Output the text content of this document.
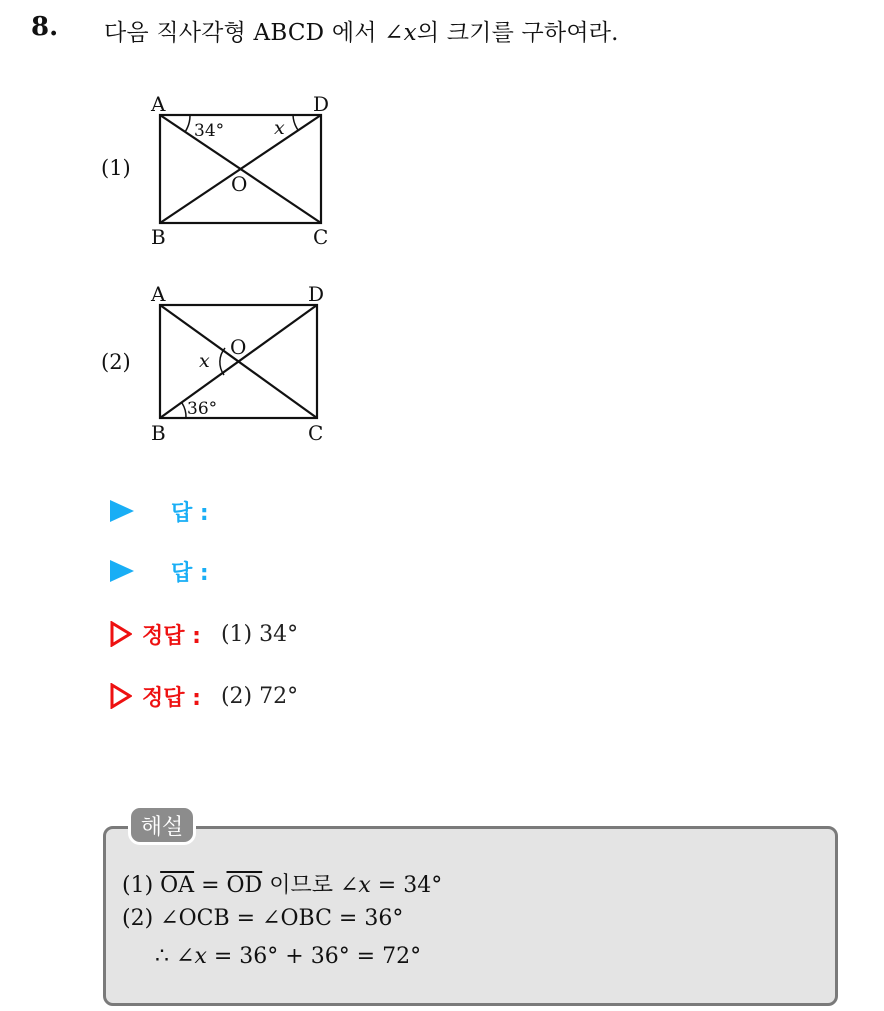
8. 다음 직사각형 ABCD 에서 ∠x의 크기를 구하여라.
(1)
A	D
B	C
O
34°	x
(2)
A	D
B	C
O
x
36°
답 :
답 :
정답 : (1) 34°
정답 : (2) 72°
해설
(1) $\overline{OA} = \overline{OD}$ 이므로 ∠x = 34°
(2) ∠OCB = ∠OBC = 36°
∴ ∠x = 36° + 36° = 72°
